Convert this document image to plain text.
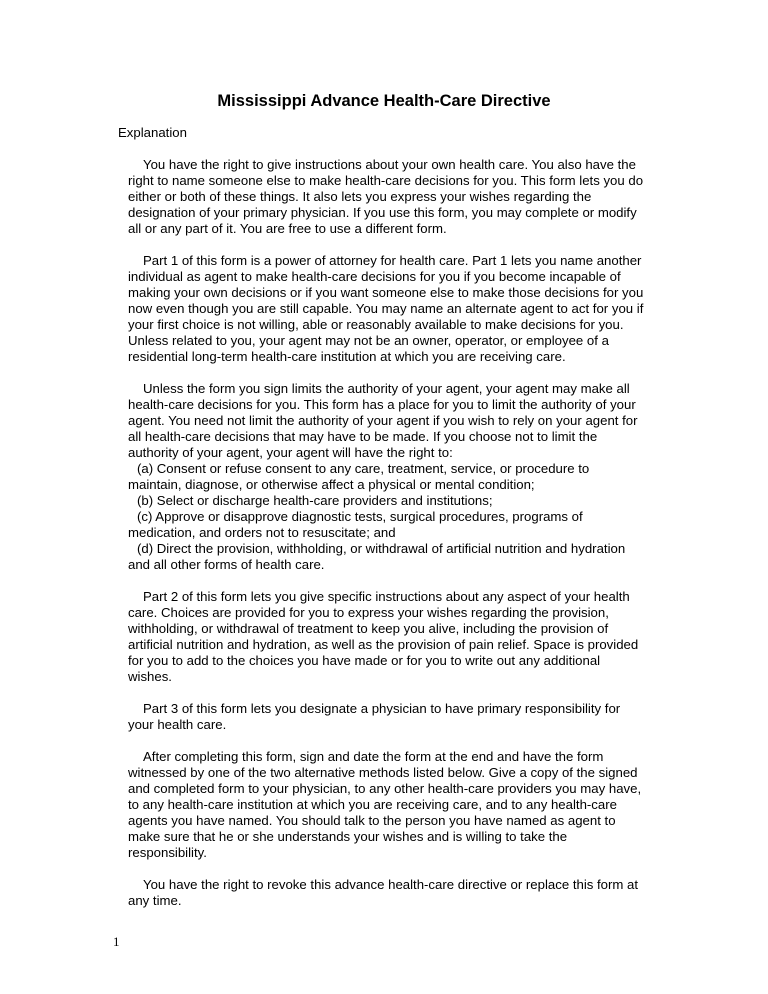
Mississippi Advance Health-Care Directive

Explanation

You have the right to give instructions about your own health care. You also have the
right to name someone else to make health-care decisions for you. This form lets you do
either or both of these things. It also lets you express your wishes regarding the
designation of your primary physician. If you use this form, you may complete or modify
all or any part of it. You are free to use a different form.

Part 1 of this form is a power of attorney for health care. Part 1 lets you name another
individual as agent to make health-care decisions for you if you become incapable of
making your own decisions or if you want someone else to make those decisions for you
now even though you are still capable. You may name an alternate agent to act for you if
your first choice is not willing, able or reasonably available to make decisions for you.
Unless related to you, your agent may not be an owner, operator, or employee of a
residential long-term health-care institution at which you are receiving care.

Unless the form you sign limits the authority of your agent, your agent may make all
health-care decisions for you. This form has a place for you to limit the authority of your
agent. You need not limit the authority of your agent if you wish to rely on your agent for
all health-care decisions that may have to be made. If you choose not to limit the
authority of your agent, your agent will have the right to:
(a) Consent or refuse consent to any care, treatment, service, or procedure to
maintain, diagnose, or otherwise affect a physical or mental condition;
(b) Select or discharge health-care providers and institutions;
(c) Approve or disapprove diagnostic tests, surgical procedures, programs of
medication, and orders not to resuscitate; and
(d) Direct the provision, withholding, or withdrawal of artificial nutrition and hydration
and all other forms of health care.

Part 2 of this form lets you give specific instructions about any aspect of your health
care. Choices are provided for you to express your wishes regarding the provision,
withholding, or withdrawal of treatment to keep you alive, including the provision of
artificial nutrition and hydration, as well as the provision of pain relief. Space is provided
for you to add to the choices you have made or for you to write out any additional
wishes.

Part 3 of this form lets you designate a physician to have primary responsibility for
your health care.

After completing this form, sign and date the form at the end and have the form
witnessed by one of the two alternative methods listed below. Give a copy of the signed
and completed form to your physician, to any other health-care providers you may have,
to any health-care institution at which you are receiving care, and to any health-care
agents you have named. You should talk to the person you have named as agent to
make sure that he or she understands your wishes and is willing to take the
responsibility.

You have the right to revoke this advance health-care directive or replace this form at
any time.

1
